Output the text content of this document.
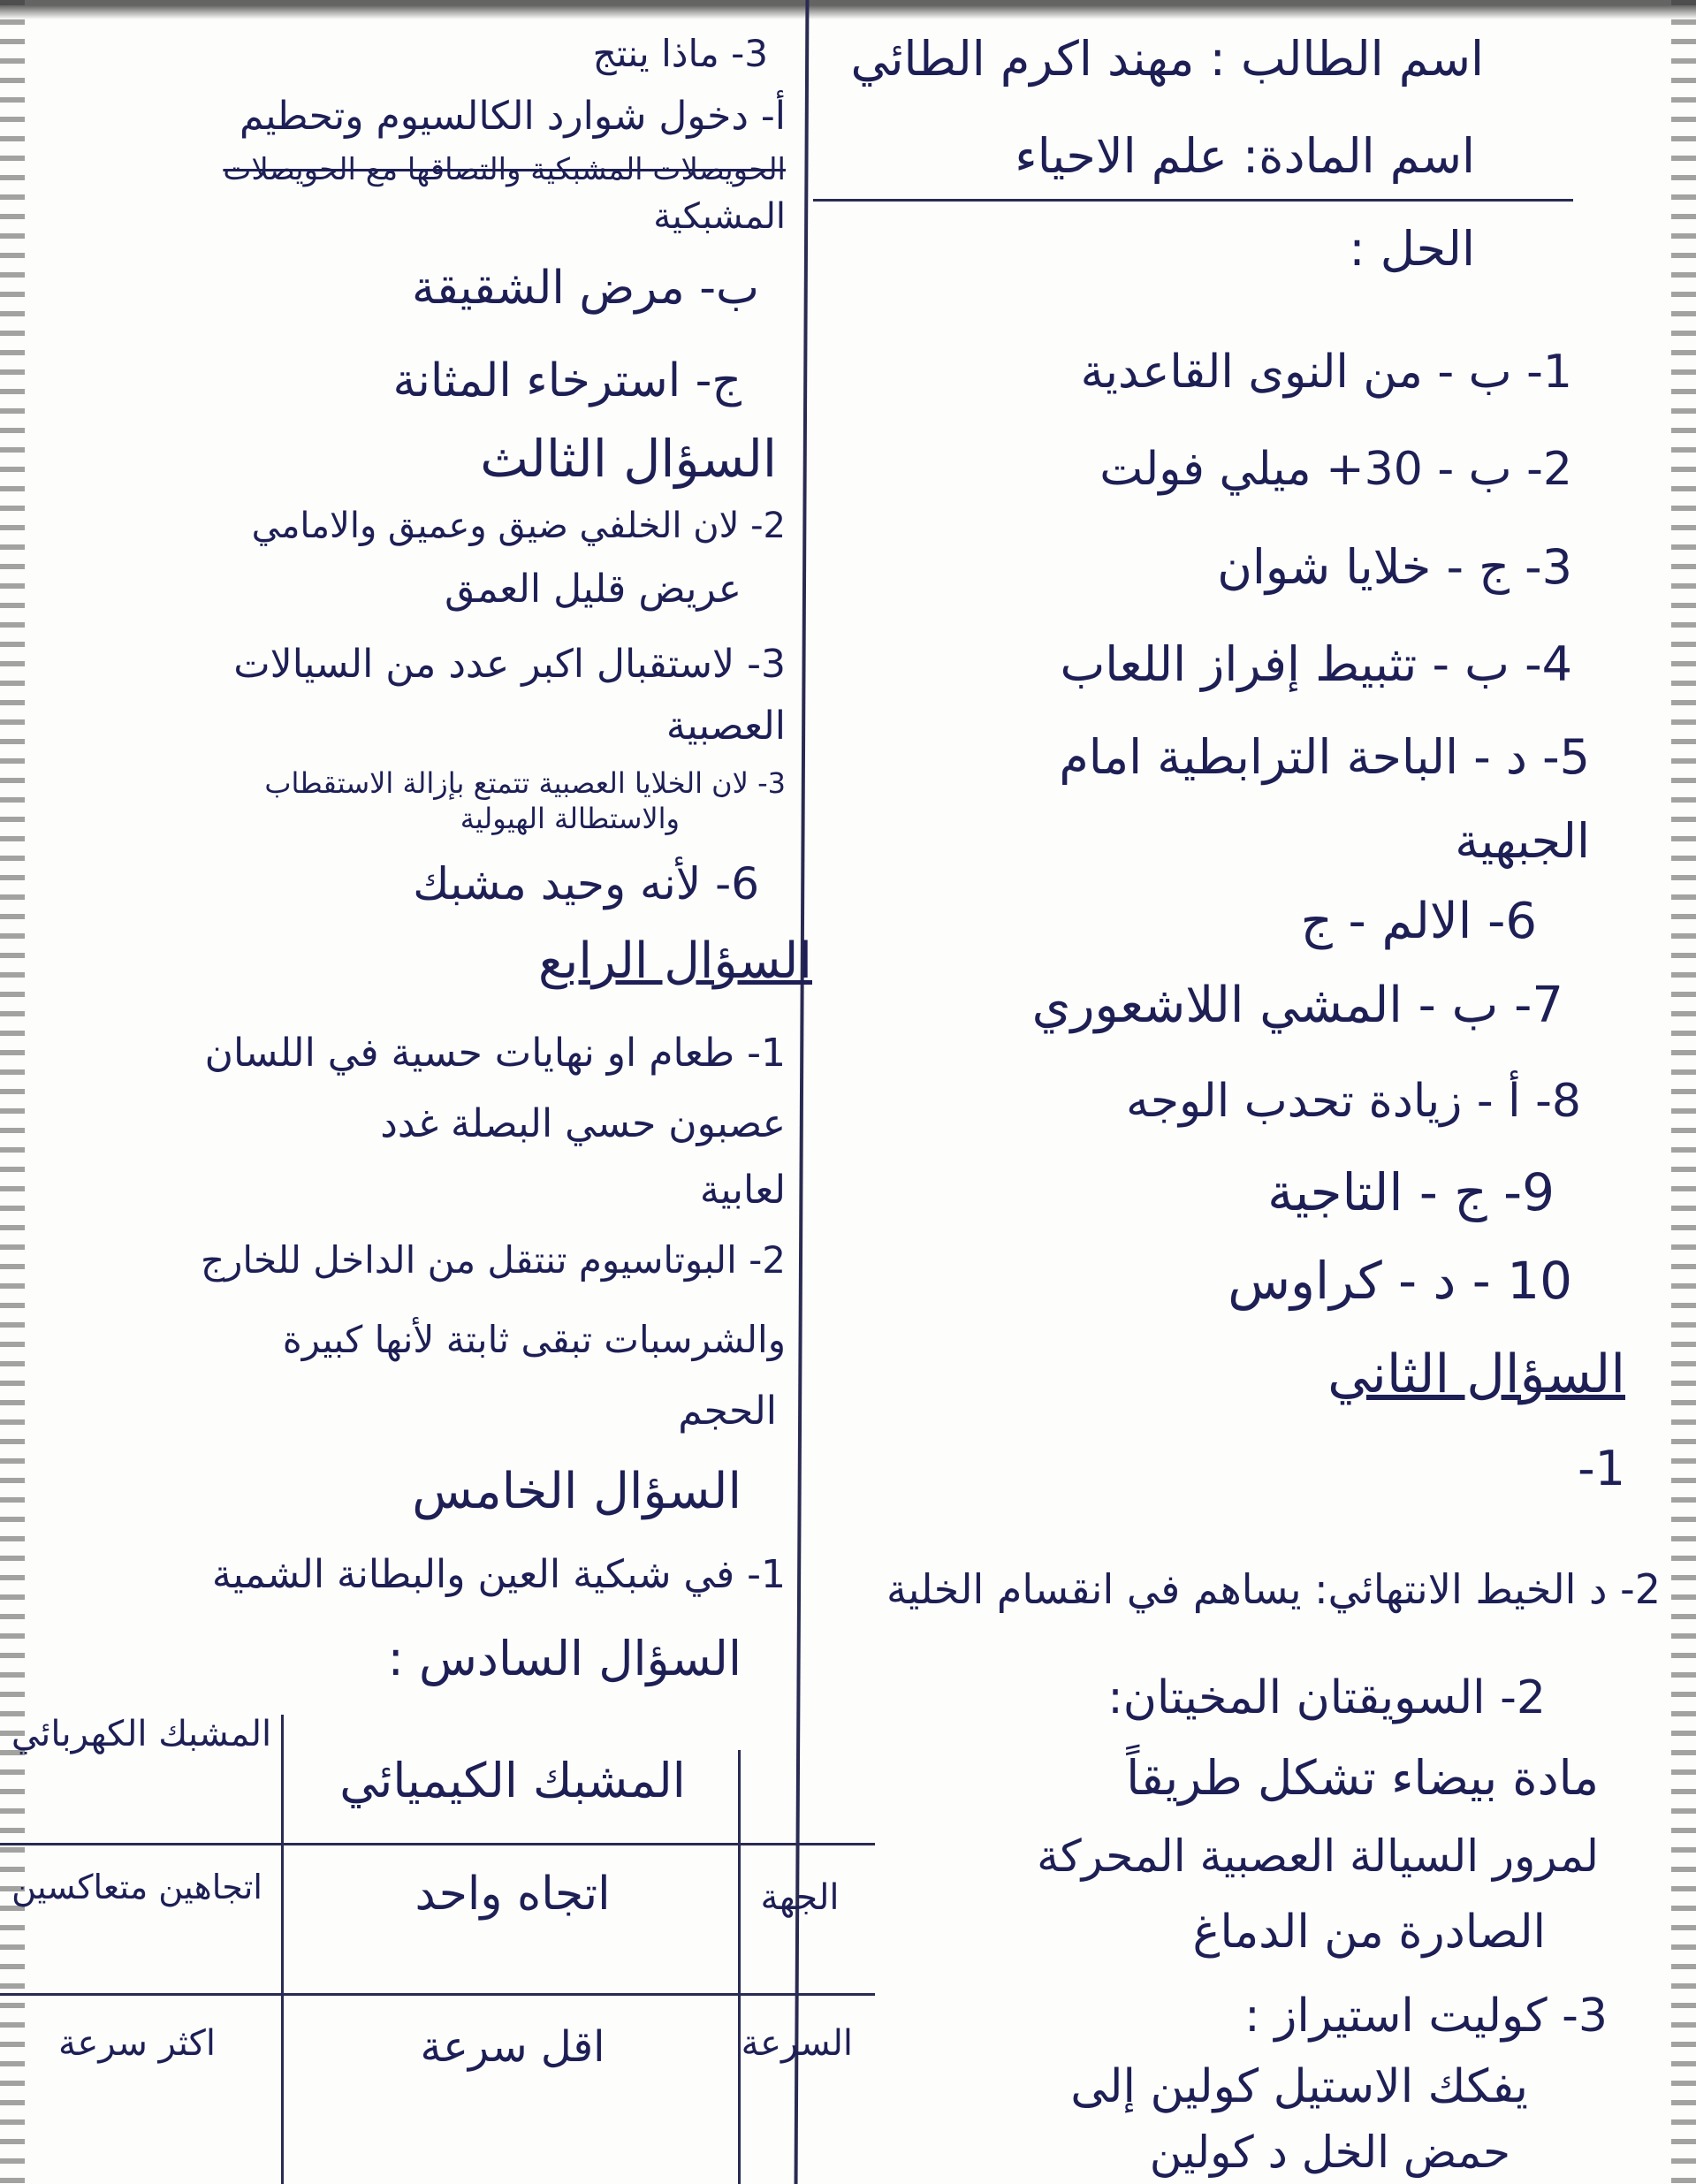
اسم الطالب : مهند اكرم الطائي
اسم المادة: علم الاحياء
الحل :
1- ب - من النوى القاعدية
2- ب - 30+ ميلي فولت
3- ج - خلايا شوان
4- ب - تثبيط إفراز اللعاب
5- د - الباحة الترابطية امام
الجبهية
6- الالم - ج
7- ب - المشي اللاشعوري
8- أ - زيادة تحدب الوجه
9- ج - التاجية
10 - د - كراوس
السؤال الثاني
1-
2- د الخيط الانتهائي: يساهم في انقسام الخلية
2- السويقتان المخيتان:
مادة بيضاء تشكل طريقاً
لمرور السيالة العصبية المحركة
الصادرة من الدماغ
3- كوليت استيراز :
يفكك الاستيل كولين إلى
حمض الخل د كولين
3- ماذا ينتج
أ- دخول شوارد الكالسيوم وتحطيم
الحويصلات المشبكية والتصاقها مع الحويصلات
المشبكية
ب- مرض الشقيقة
ج- استرخاء المثانة
السؤال الثالث
2- لان الخلفي ضيق وعميق والامامي
عريض قليل العمق
3- لاستقبال اكبر عدد من السيالات
العصبية
3- لان الخلايا العصبية تتمتع بإزالة الاستقطاب
والاستطالة الهيولية
6- لأنه وحيد مشبك
السؤال الرابع
1- طعام او نهايات حسية في اللسان
عصبون حسي البصلة غدد
لعابية
2- البوتاسيوم تنتقل من الداخل للخارج
والشرسبات تبقى ثابتة لأنها كبيرة
الحجم
السؤال الخامس
1- في شبكية العين والبطانة الشمية
السؤال السادس :
المشبك الكيميائي
المشبك الكهربائي
الجهة
اتجاه واحد
اتجاهين متعاكسين
السرعة
اقل سرعة
اكثر سرعة
